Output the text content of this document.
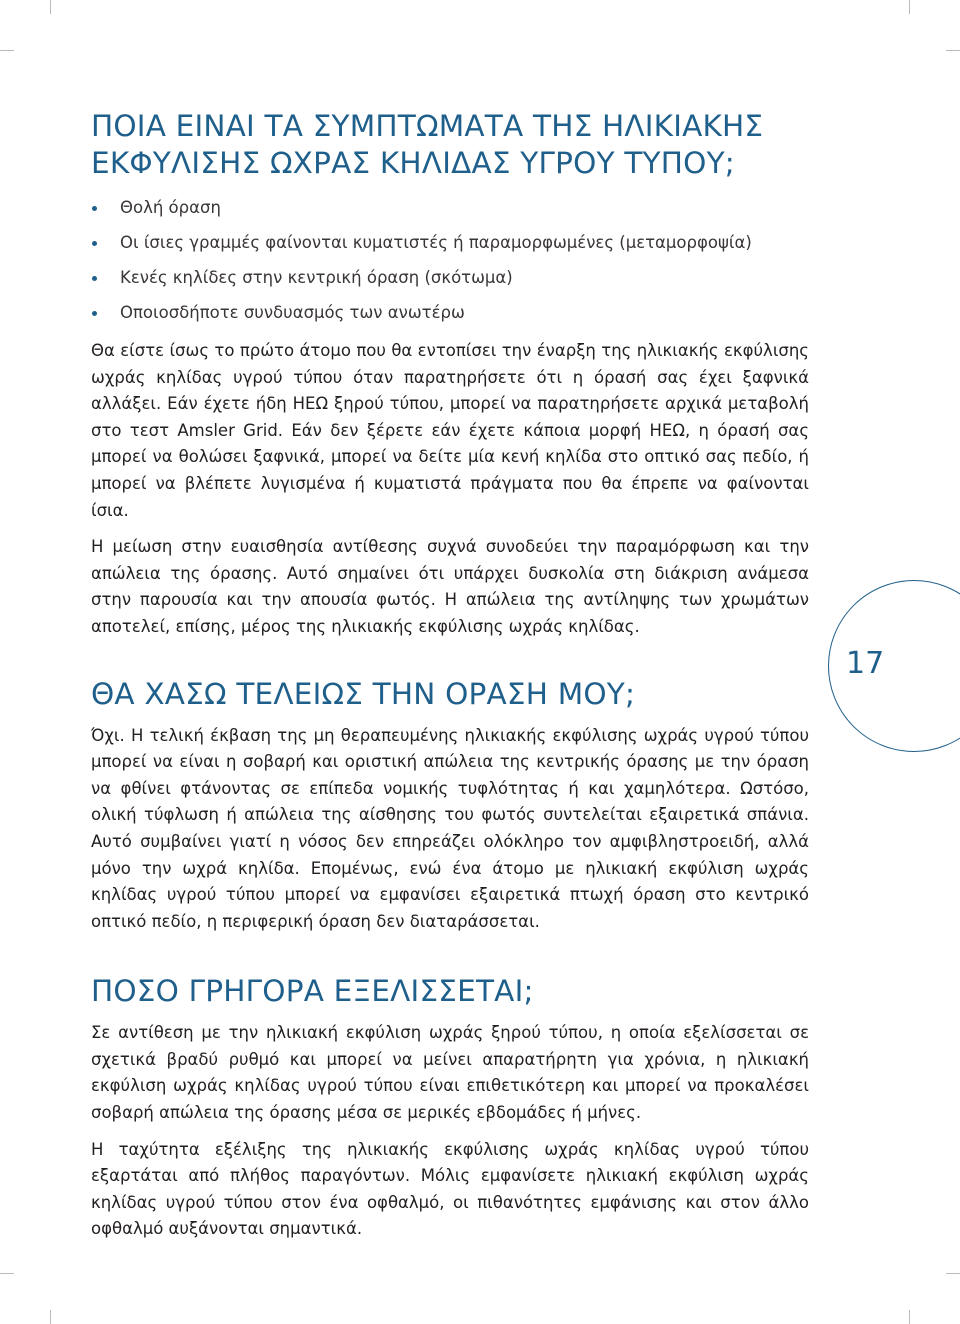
ΠΟΙΑ ΕΙΝΑΙ ΤΑ ΣΥΜΠΤΩΜΑΤΑ ΤΗΣ ΗΛΙΚΙΑΚΗΣ ΕΚΦΥΛΙΣΗΣ ΩΧΡΑΣ ΚΗΛΙΔΑΣ ΥΓΡΟΥ ΤΥΠΟΥ;
Θολή όραση
Οι ίσιες γραμμές φαίνονται κυματιστές ή παραμορφωμένες (μεταμορφοψία)
Κενές κηλίδες στην κεντρική όραση (σκότωμα)
Οποιοσδήποτε συνδυασμός των ανωτέρω

Θα είστε ίσως το πρώτο άτομο που θα εντοπίσει την έναρξη της ηλικιακής εκφύλισης ωχράς κηλίδας υγρού τύπου όταν παρατηρήσετε ότι η όρασή σας έχει ξαφνικά αλλάξει. Εάν έχετε ήδη ΗΕΩ ξηρού τύπου, μπορεί να παρατηρήσετε αρχικά μεταβολή στο τεστ Amsler Grid. Εάν δεν ξέρετε εάν έχετε κάποια μορφή ΗΕΩ, η όρασή σας μπορεί να θολώσει ξαφνικά, μπορεί να δείτε μία κενή κηλίδα στο οπτικό σας πεδίο, ή μπορεί να βλέπετε λυγισμένα ή κυματιστά πράγματα που θα έπρεπε να φαίνονται ίσια.

Η μείωση στην ευαισθησία αντίθεσης συχνά συνοδεύει την παραμόρφωση και την απώλεια της όρασης. Αυτό σημαίνει ότι υπάρχει δυσκολία στη διάκριση ανάμεσα στην παρουσία και την απουσία φωτός. Η απώλεια της αντίληψης των χρωμάτων αποτελεί, επίσης, μέρος της ηλικιακής εκφύλισης ωχράς κηλίδας.

ΘΑ ΧΑΣΩ ΤΕΛΕΙΩΣ ΤΗΝ ΟΡΑΣΗ ΜΟΥ;

Όχι. Η τελική έκβαση της μη θεραπευμένης ηλικιακής εκφύλισης ωχράς υγρού τύπου μπορεί να είναι η σοβαρή και οριστική απώλεια της κεντρικής όρασης με την όραση να φθίνει φτάνοντας σε επίπεδα νομικής τυφλότητας ή και χαμηλότερα. Ωστόσο, ολική τύφλωση ή απώλεια της αίσθησης του φωτός συντελείται εξαιρετικά σπάνια. Αυτό συμβαίνει γιατί η νόσος δεν επηρεάζει ολόκληρο τον αμφιβληστροειδή, αλλά μόνο την ωχρά κηλίδα. Επομένως, ενώ ένα άτομο με ηλικιακή εκφύλιση ωχράς κηλίδας υγρού τύπου μπορεί να εμφανίσει εξαιρετικά πτωχή όραση στο κεντρικό οπτικό πεδίο, η περιφερική όραση δεν διαταράσσεται.

ΠΟΣΟ ΓΡΗΓΟΡΑ ΕΞΕΛΙΣΣΕΤΑΙ;

Σε αντίθεση με την ηλικιακή εκφύλιση ωχράς ξηρού τύπου, η οποία εξελίσσεται σε σχετικά βραδύ ρυθμό και μπορεί να μείνει απαρατήρητη για χρόνια, η ηλικιακή εκφύλιση ωχράς κηλίδας υγρού τύπου είναι επιθετικότερη και μπορεί να προκαλέσει σοβαρή απώλεια της όρασης μέσα σε μερικές εβδομάδες ή μήνες.

Η ταχύτητα εξέλιξης της ηλικιακής εκφύλισης ωχράς κηλίδας υγρού τύπου εξαρτάται από πλήθος παραγόντων. Μόλις εμφανίσετε ηλικιακή εκφύλιση ωχράς κηλίδας υγρού τύπου στον ένα οφθαλμό, οι πιθανότητες εμφάνισης και στον άλλο οφθαλμό αυξάνονται σημαντικά.

17
